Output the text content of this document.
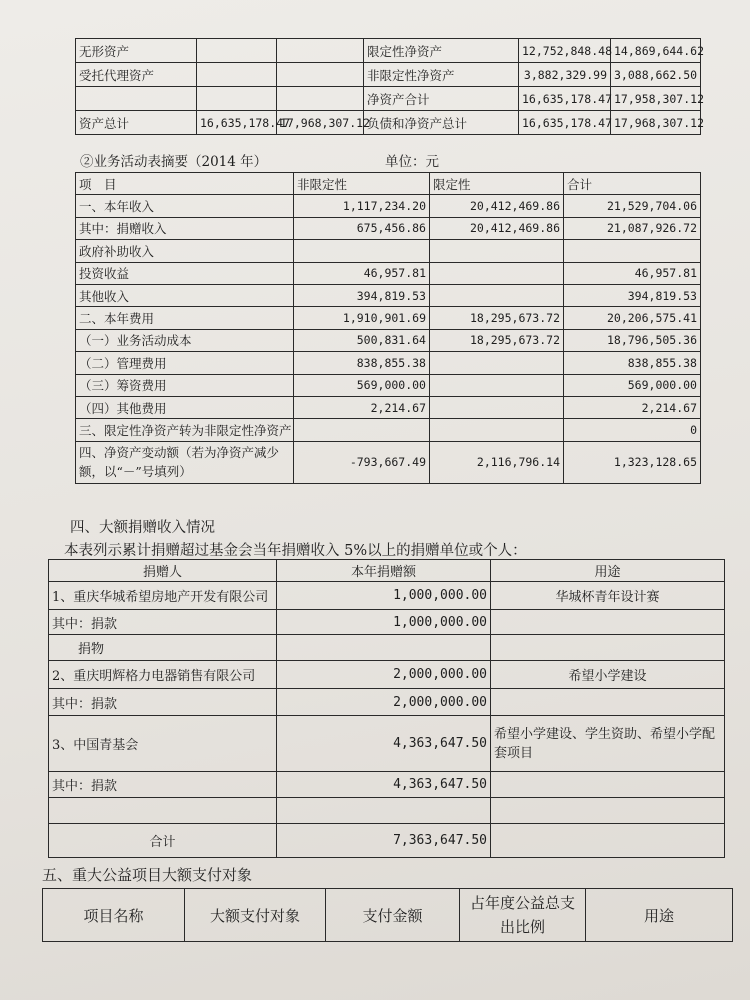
无形资产			限定性净资产	12,752,848.48	14,869,644.62
受托代理资产			非限定性净资产	3,882,329.99	3,088,662.50
			净资产合计	16,635,178.47	17,958,307.12
资产总计	16,635,178.47	17,968,307.12	负债和净资产总计	16,635,178.47	17,968,307.12
②业务活动表摘要（2014 年）	单位：元
项　目	非限定性	限定性	合计
一、本年收入	1,117,234.20	20,412,469.86	21,529,704.06
其中：捐赠收入	675,456.86	20,412,469.86	21,087,926.72
政府补助收入			
投资收益	46,957.81		46,957.81
其他收入	394,819.53		394,819.53
二、本年费用	1,910,901.69	18,295,673.72	20,206,575.41
（一）业务活动成本	500,831.64	18,295,673.72	18,796,505.36
（二）管理费用	838,855.38		838,855.38
（三）筹资费用	569,000.00		569,000.00
（四）其他费用	2,214.67		2,214.67
三、限定性净资产转为非限定性净资产			0
四、净资产变动额（若为净资产减少额，以“－”号填列）	-793,667.49	2,116,796.14	1,323,128.65
四、大额捐赠收入情况
本表列示累计捐赠超过基金会当年捐赠收入 5%以上的捐赠单位或个人：
捐赠人	本年捐赠额	用途
1、重庆华城希望房地产开发有限公司	1,000,000.00	华城杯青年设计赛
其中：捐款	1,000,000.00	
　　捐物		
2、重庆明辉格力电器销售有限公司	2,000,000.00	希望小学建设
其中：捐款	2,000,000.00	
3、中国青基会	4,363,647.50	希望小学建设、学生资助、希望小学配套项目
其中：捐款	4,363,647.50	

合计	7,363,647.50	
五、重大公益项目大额支付对象
项目名称	大额支付对象	支付金额	占年度公益总支出比例	用途
